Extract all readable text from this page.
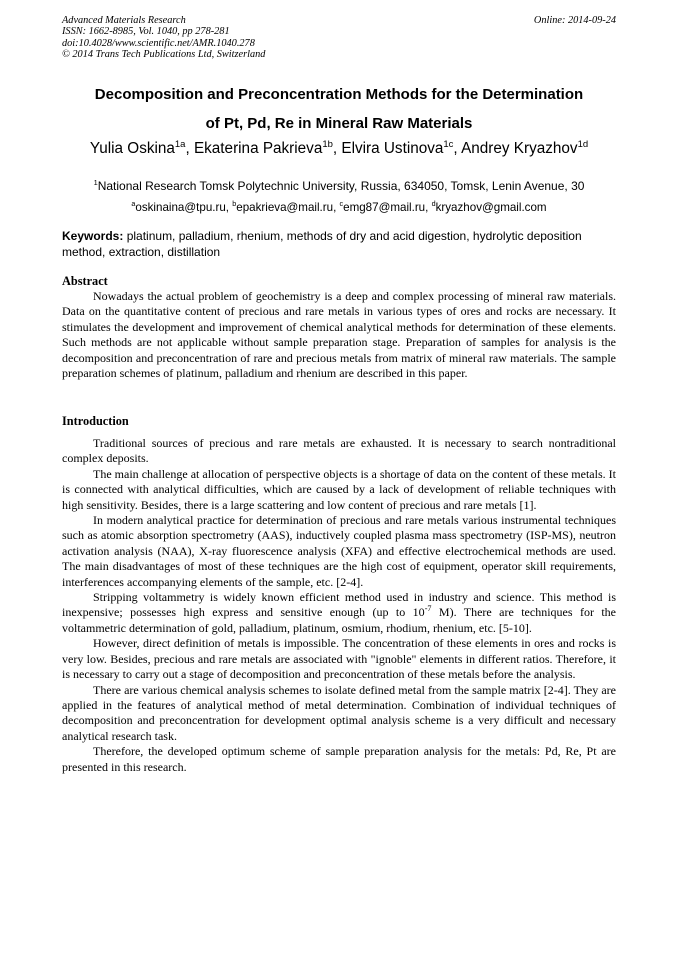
Advanced Materials Research
ISSN: 1662-8985, Vol. 1040, pp 278-281
doi:10.4028/www.scientific.net/AMR.1040.278
© 2014 Trans Tech Publications Ltd, Switzerland
Online: 2014-09-24
Decomposition and Preconcentration Methods for the Determination
of Pt, Pd, Re in Mineral Raw Materials
Yulia Oskina$^{1a}$, Ekaterina Pakrieva$^{1b}$, Elvira Ustinova$^{1c}$, Andrey Kryazhov$^{1d}$
$^1$National Research Tomsk Polytechnic University, Russia, 634050, Tomsk, Lenin Avenue, 30
$^a$oskinaina@tpu.ru, $^b$epakrieva@mail.ru, $^c$emg87@mail.ru, $^d$kryazhov@gmail.com
Keywords: platinum, palladium, rhenium, methods of dry and acid digestion, hydrolytic deposition method, extraction, distillation
Abstract

Nowadays the actual problem of geochemistry is a deep and complex processing of mineral raw materials. Data on the quantitative content of precious and rare metals in various types of ores and rocks are necessary. It stimulates the development and improvement of chemical analytical methods for determination of these elements. Such methods are not applicable without sample preparation stage. Preparation of samples for analysis is the decomposition and preconcentration of rare and precious metals from matrix of mineral raw materials. The sample preparation schemes of platinum, palladium and rhenium are described in this paper.

Introduction

Traditional sources of precious and rare metals are exhausted. It is necessary to search nontraditional complex deposits.

The main challenge at allocation of perspective objects is a shortage of data on the content of these metals. It is connected with analytical difficulties, which are caused by a lack of development of reliable techniques with high sensitivity. Besides, there is a large scattering and low content of precious and rare metals [1].

In modern analytical practice for determination of precious and rare metals various instrumental techniques such as atomic absorption spectrometry (AAS), inductively coupled plasma mass spectrometry (ISP-MS), neutron activation analysis (NAA), X-ray fluorescence analysis (XFA) and effective electrochemical methods are used. The main disadvantages of most of these techniques are the high cost of equipment, operator skill requirements, interferences accompanying elements of the sample, etc. [2-4].

Stripping voltammetry is widely known efficient method used in industry and science. This method is inexpensive; possesses high express and sensitive enough (up to $10^{-7}$ M). There are techniques for the voltammetric determination of gold, palladium, platinum, osmium, rhodium, rhenium, etc. [5-10].

However, direct definition of metals is impossible. The concentration of these elements in ores and rocks is very low. Besides, precious and rare metals are associated with "ignoble" elements in different ratios. Therefore, it is necessary to carry out a stage of decomposition and preconcentration of these metals before the analysis.

There are various chemical analysis schemes to isolate defined metal from the sample matrix [2-4]. They are applied in the features of analytical method of metal determination. Combination of individual techniques of decomposition and preconcentration for development optimal analysis scheme is a very difficult and necessary analytical research task.

Therefore, the developed optimum scheme of sample preparation analysis for the metals: Pd, Re, Pt are presented in this research.
